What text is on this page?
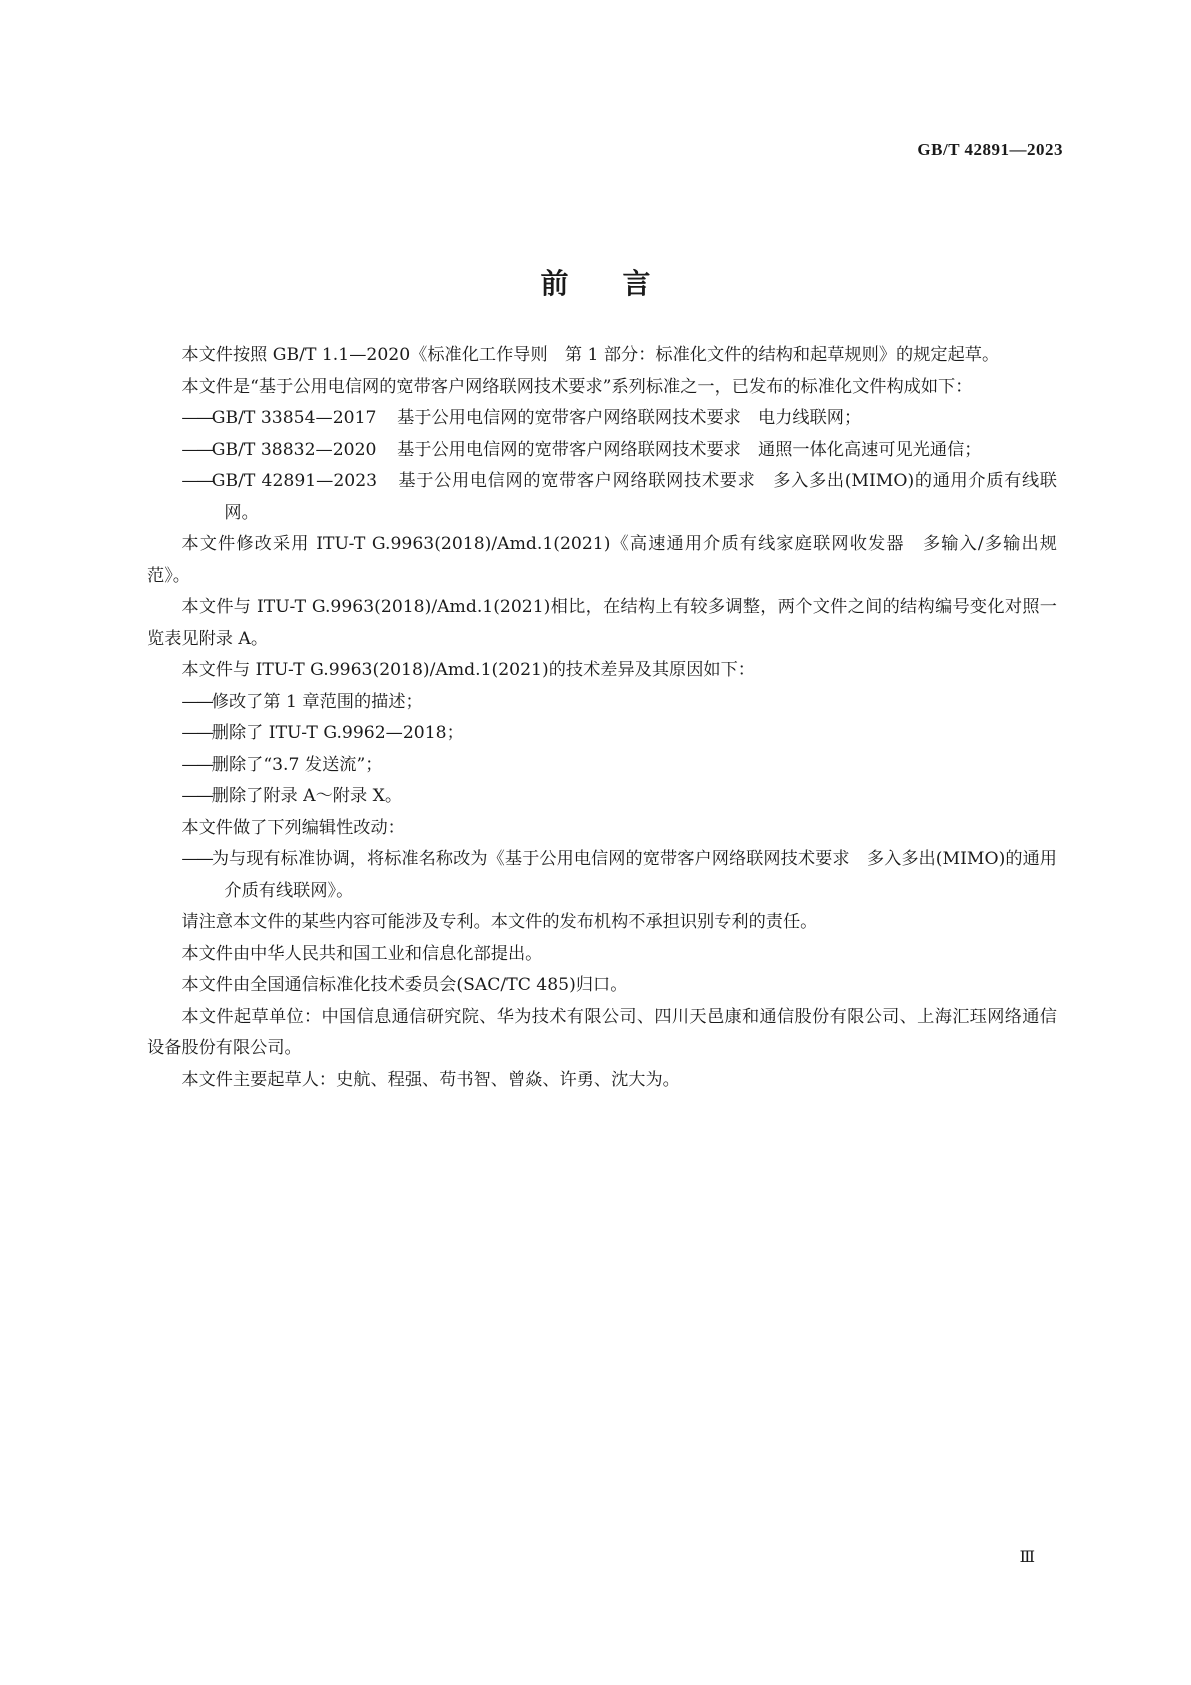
GB/T 42891—2023
前言

本文件按照 GB/T 1.1—2020《标准化工作导则　第 1 部分：标准化文件的结构和起草规则》的规定起草。

本文件是“基于公用电信网的宽带客户网络联网技术要求”系列标准之一，已发布的标准化文件构成如下：

——GB/T 33854—2017 基于公用电信网的宽带客户网络联网技术要求　电力线联网；

——GB/T 38832—2020 基于公用电信网的宽带客户网络联网技术要求　通照一体化高速可见光通信；

——GB/T 42891—2023 基于公用电信网的宽带客户网络联网技术要求　多入多出(MIMO)的通用介质有线联网。

本文件修改采用 ITU-T G.9963(2018)/Amd.1(2021)《高速通用介质有线家庭联网收发器　多输入/多输出规范》。

本文件与 ITU-T G.9963(2018)/Amd.1(2021)相比，在结构上有较多调整，两个文件之间的结构编号变化对照一览表见附录 A。

本文件与 ITU-T G.9963(2018)/Amd.1(2021)的技术差异及其原因如下：

——修改了第 1 章范围的描述；

——删除了 ITU-T G.9962—2018；

——删除了“3.7 发送流”；

——删除了附录 A～附录 X。

本文件做了下列编辑性改动：

——为与现有标准协调，将标准名称改为《基于公用电信网的宽带客户网络联网技术要求　多入多出(MIMO)的通用介质有线联网》。

请注意本文件的某些内容可能涉及专利。本文件的发布机构不承担识别专利的责任。

本文件由中华人民共和国工业和信息化部提出。

本文件由全国通信标准化技术委员会(SAC/TC 485)归口。

本文件起草单位：中国信息通信研究院、华为技术有限公司、四川天邑康和通信股份有限公司、上海汇珏网络通信设备股份有限公司。

本文件主要起草人：史航、程强、苟书智、曾焱、许勇、沈大为。

Ⅲ
